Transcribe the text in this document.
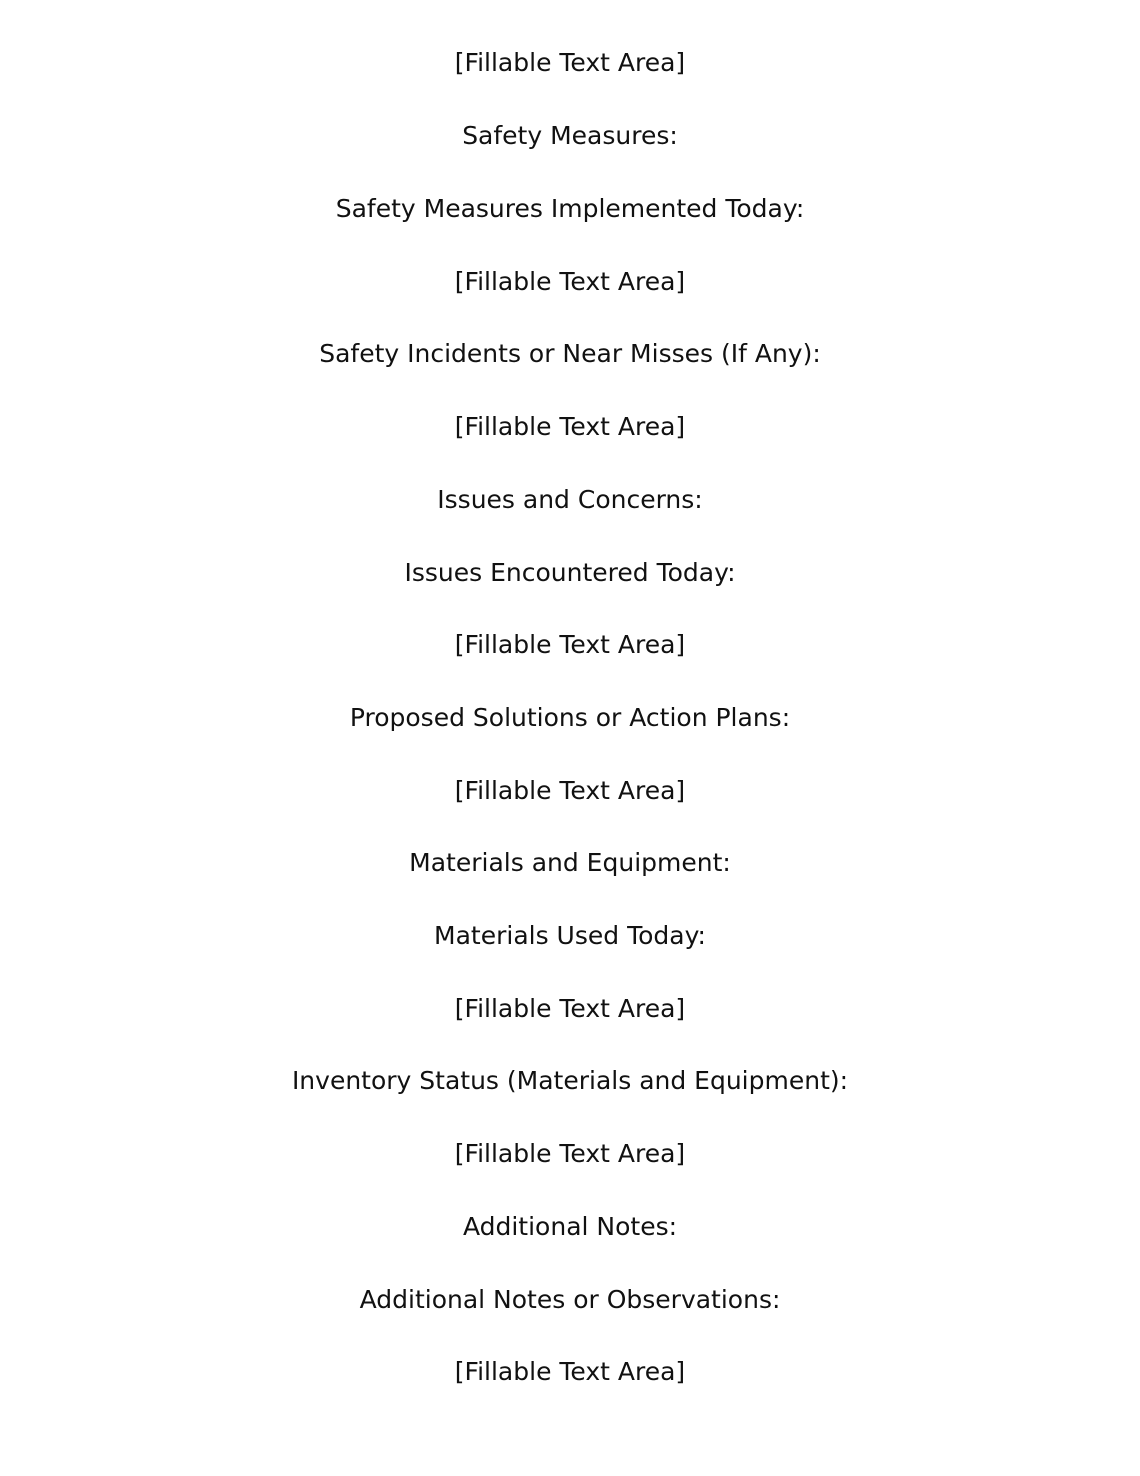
[Fillable Text Area]
Safety Measures:
Safety Measures Implemented Today:
[Fillable Text Area]
Safety Incidents or Near Misses (If Any):
[Fillable Text Area]
Issues and Concerns:
Issues Encountered Today:
[Fillable Text Area]
Proposed Solutions or Action Plans:
[Fillable Text Area]
Materials and Equipment:
Materials Used Today:
[Fillable Text Area]
Inventory Status (Materials and Equipment):
[Fillable Text Area]
Additional Notes:
Additional Notes or Observations:
[Fillable Text Area]
